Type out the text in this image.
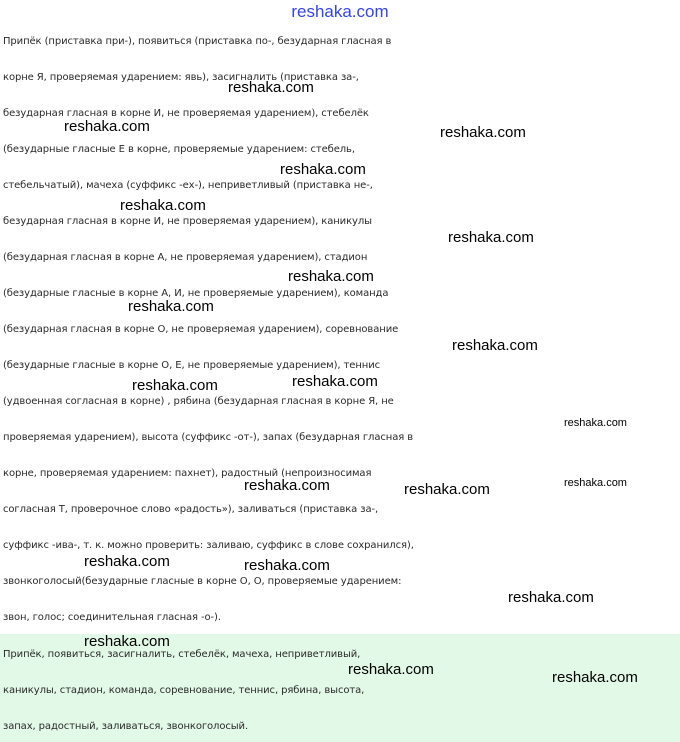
reshaka.com
Припёк (приставка при-), появиться (приставка по-, безударная гласная в
корне Я, проверяемая ударением: явь), засигналить (приставка за-,
безударная гласная в корне И, не проверяемая ударением), стебелёк
(безударные гласные Е в корне, проверяемые ударением: стебель,
стебельчатый), мачеха (суффикс -ех-), неприветливый (приставка не-,
безударная гласная в корне И, не проверяемая ударением), каникулы
(безударная гласная в корне А, не проверяемая ударением), стадион
(безударные гласные в корне А, И, не проверяемые ударением), команда
(безударная гласная в корне О, не проверяемая ударением), соревнование
(безударные гласные в корне О, Е, не проверяемые ударением), теннис
(удвоенная согласная в корне) , рябина (безударная гласная в корне Я, не
проверяемая ударением), высота (суффикс -от-), запах (безударная гласная в
корне, проверяемая ударением: пахнет), радостный (непроизносимая
согласная Т, проверочное слово «радость»), заливаться (приставка за-,
суффикс -ива-, т. к. можно проверить: заливаю, суффикс в слове сохранился),
звонкоголосый(безударные гласные в корне О, О, проверяемые ударением:
звон, голос; соединительная гласная -о-).
Припёк, появиться, засигналить, стебелёк, мачеха, неприветливый,
каникулы, стадион, команда, соревнование, теннис, рябина, высота,
запах, радостный, заливаться, звонкоголосый.
reshaka.com
reshaka.com	reshaka.com
reshaka.com
reshaka.com
reshaka.com
reshaka.com
reshaka.com
reshaka.com
reshaka.com	reshaka.com
reshaka.com
reshaka.com	reshaka.com	reshaka.com
reshaka.com	reshaka.com
reshaka.com
reshaka.com
reshaka.com	reshaka.com
